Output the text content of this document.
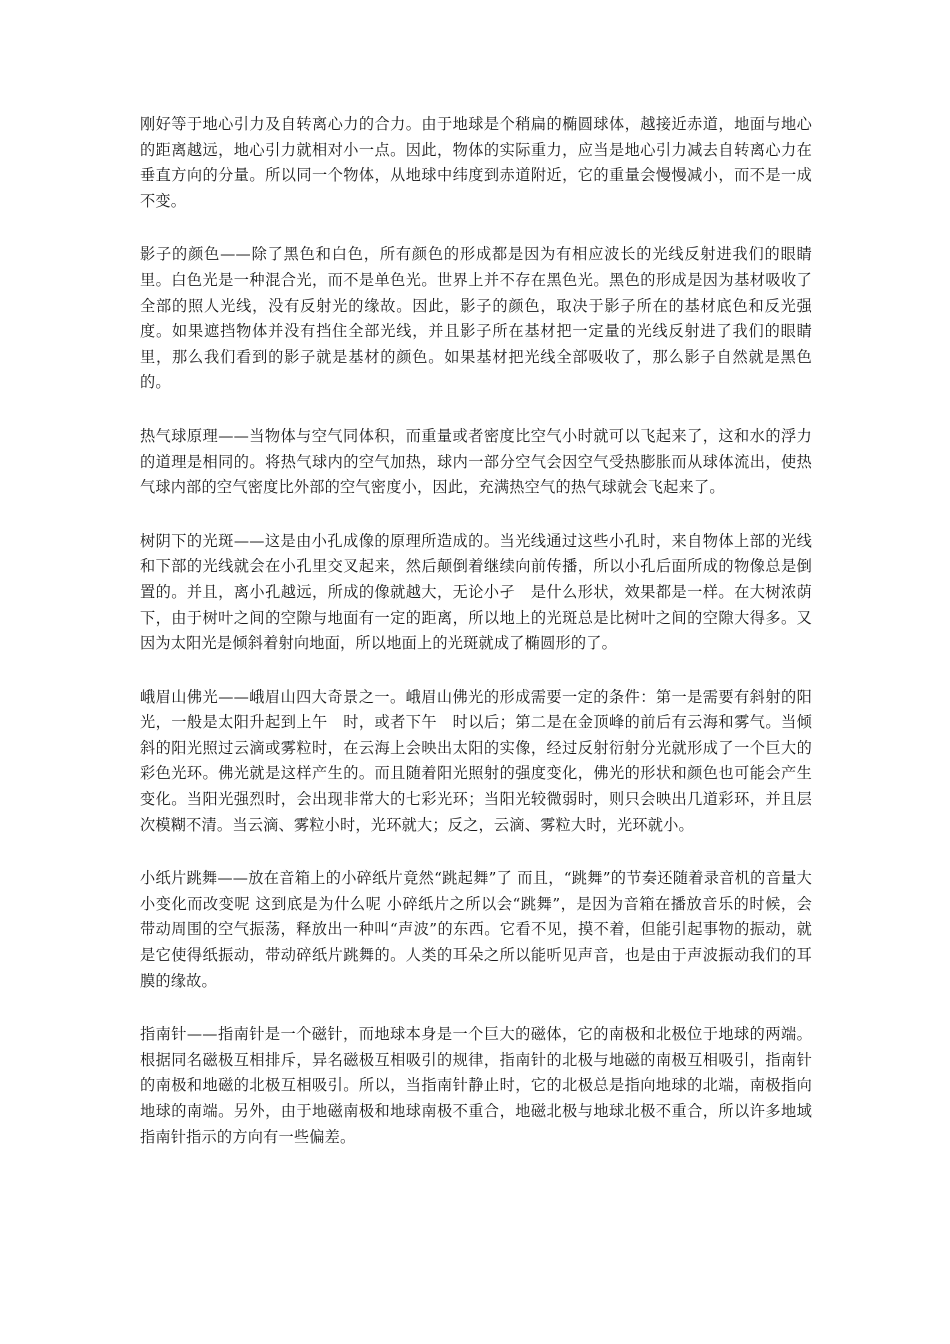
刚好等于地心引力及自转离心力的合力。由于地球是个稍扁的椭圆球体，越接近赤道，地面与地心的距离越远，地心引力就相对小一点。因此，物体的实际重力，应当是地心引力减去自转离心力在垂直方向的分量。所以同一个物体，从地球中纬度到赤道附近，它的重量会慢慢减小，而不是一成不变。

影子的颜色——除了黑色和白色，所有颜色的形成都是因为有相应波长的光线反射进我们的眼睛里。白色光是一种混合光，而不是单色光。世界上并不存在黑色光。黑色的形成是因为基材吸收了全部的照人光线，没有反射光的缘故。因此，影子的颜色，取决于影子所在的基材底色和反光强度。如果遮挡物体并没有挡住全部光线，并且影子所在基材把一定量的光线反射进了我们的眼睛里，那么我们看到的影子就是基材的颜色。如果基材把光线全部吸收了，那么影子自然就是黑色的。

热气球原理——当物体与空气同体积，而重量或者密度比空气小时就可以飞起来了，这和水的浮力的道理是相同的。将热气球内的空气加热，球内一部分空气会因空气受热膨胀而从球体流出，使热气球内部的空气密度比外部的空气密度小，因此，充满热空气的热气球就会飞起来了。

树阴下的光斑——这是由小孔成像的原理所造成的。当光线通过这些小孔时，来自物体上部的光线和下部的光线就会在小孔里交叉起来，然后颠倒着继续向前传播，所以小孔后面所成的物像总是倒置的。并且，离小孔越远，所成的像就越大，无论小孑　是什么形状，效果都是一样。在大树浓荫下，由于树叶之间的空隙与地面有一定的距离，所以地上的光斑总是比树叶之间的空隙大得多。又因为太阳光是倾斜着射向地面，所以地面上的光斑就成了椭圆形的了。

峨眉山佛光——峨眉山四大奇景之一。峨眉山佛光的形成需要一定的条件：第一是需要有斜射的阳光，一般是太阳升起到上午　时，或者下午　时以后；第二是在金顶峰的前后有云海和雾气。当倾斜的阳光照过云滴或雾粒时，在云海上会映出太阳的实像，经过反射衍射分光就形成了一个巨大的彩色光环。佛光就是这样产生的。而且随着阳光照射的强度变化，佛光的形状和颜色也可能会产生变化。当阳光强烈时，会出现非常大的七彩光环；当阳光较微弱时，则只会映出几道彩环，并且层次模糊不清。当云滴、雾粒小时，光环就大；反之，云滴、雾粒大时，光环就小。

小纸片跳舞——放在音箱上的小碎纸片竟然“跳起舞”了 而且，“跳舞”的节奏还随着录音机的音量大小变化而改变呢 这到底是为什么呢 小碎纸片之所以会“跳舞”，是因为音箱在播放音乐的时候，会带动周围的空气振荡，释放出一种叫“声波”的东西。它看不见，摸不着，但能引起事物的振动，就是它使得纸振动，带动碎纸片跳舞的。人类的耳朵之所以能听见声音，也是由于声波振动我们的耳膜的缘故。

指南针——指南针是一个磁针，而地球本身是一个巨大的磁体，它的南极和北极位于地球的两端。根据同名磁极互相排斥，异名磁极互相吸引的规律，指南针的北极与地磁的南极互相吸引，指南针的南极和地磁的北极互相吸引。所以，当指南针静止时，它的北极总是指向地球的北端，南极指向地球的南端。另外，由于地磁南极和地球南极不重合，地磁北极与地球北极不重合，所以许多地域指南针指示的方向有一些偏差。
